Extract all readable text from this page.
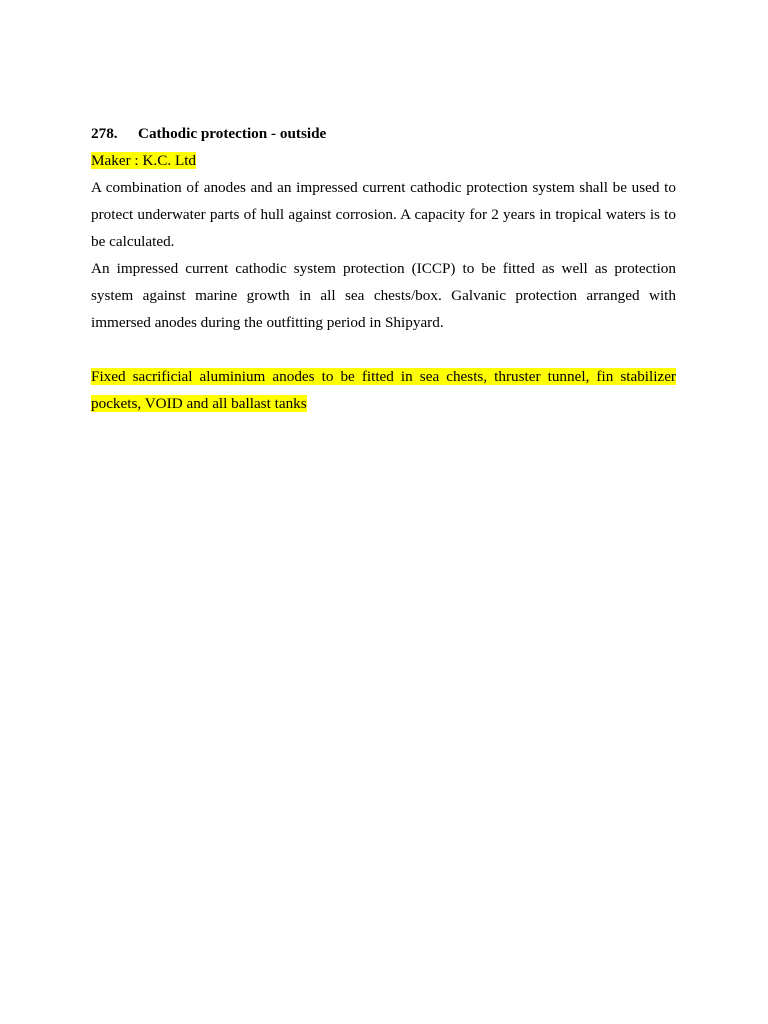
278.	Cathodic protection - outside
Maker : K.C. Ltd

A combination of anodes and an impressed current cathodic protection system shall be used to protect underwater parts of hull against corrosion. A capacity for 2 years in tropical waters is to be calculated.

An impressed current cathodic system protection (ICCP) to be fitted as well as protection system against marine growth in all sea chests/box. Galvanic protection arranged with immersed anodes during the outfitting period in Shipyard.

Fixed sacrificial aluminium anodes to be fitted in sea chests, thruster tunnel, fin stabilizer pockets, VOID and all ballast tanks
